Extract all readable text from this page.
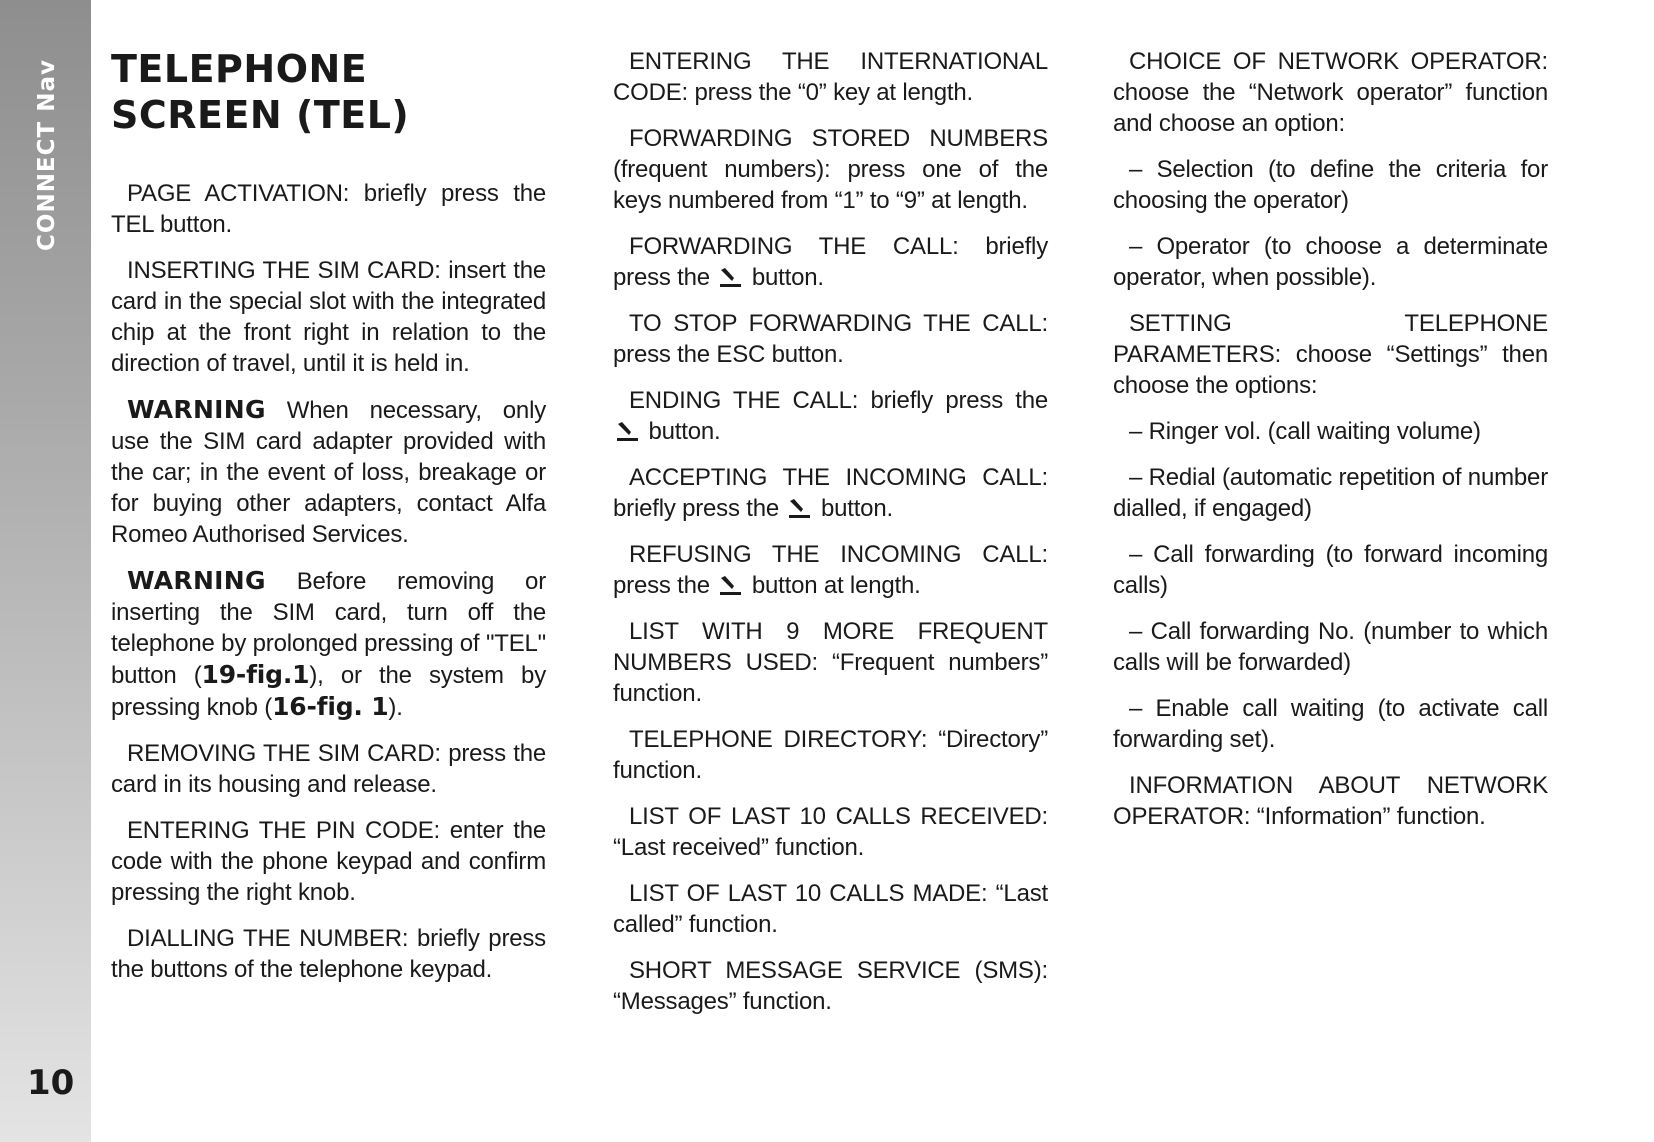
CONNECT Nav
10
TELEPHONE SCREEN (TEL)

PAGE ACTIVATION: briefly press the TEL button.

INSERTING THE SIM CARD: insert the card in the special slot with the integrated chip at the front right in relation to the direction of travel, until it is held in.

WARNING When necessary, only use the SIM card adapter provided with the car; in the event of loss, breakage or for buying other adapters, contact Alfa Romeo Authorised Services.

WARNING Before removing or inserting the SIM card, turn off the telephone by prolonged pressing of "TEL" button (19-fig.1), or the system by pressing knob (16-fig. 1).

REMOVING THE SIM CARD: press the card in its housing and release.

ENTERING THE PIN CODE: enter the code with the phone keypad and confirm pressing the right knob.

DIALLING THE NUMBER: briefly press the buttons of the telephone keypad.

ENTERING THE INTERNATIONAL CODE: press the “0” key at length.

FORWARDING STORED NUMBERS (frequent numbers): press one of the keys numbered from “1” to “9” at length.

FORWARDING THE CALL: briefly press the  button.

TO STOP FORWARDING THE CALL: press the ESC button.

ENDING THE CALL: briefly press the  button.

ACCEPTING THE INCOMING CALL: briefly press the  button.

REFUSING THE INCOMING CALL: press the  button at length.

LIST WITH 9 MORE FREQUENT NUMBERS USED: “Frequent numbers” function.

TELEPHONE DIRECTORY: “Directory” function.

LIST OF LAST 10 CALLS RECEIVED: “Last received” function.

LIST OF LAST 10 CALLS MADE: “Last called” function.

SHORT MESSAGE SERVICE (SMS): “Messages” function.

CHOICE OF NETWORK OPERATOR: choose the “Network operator” function and choose an option:

– Selection (to define the criteria for choosing the operator)

– Operator (to choose a determinate operator, when possible).

SETTING TELEPHONE PARAMETERS: choose “Settings” then choose the options:

– Ringer vol. (call waiting volume)

– Redial (automatic repetition of number dialled, if engaged)

– Call forwarding (to forward incoming calls)

– Call forwarding No. (number to which calls will be forwarded)

– Enable call waiting (to activate call forwarding set).

INFORMATION ABOUT NETWORK OPERATOR: “Information” function.
